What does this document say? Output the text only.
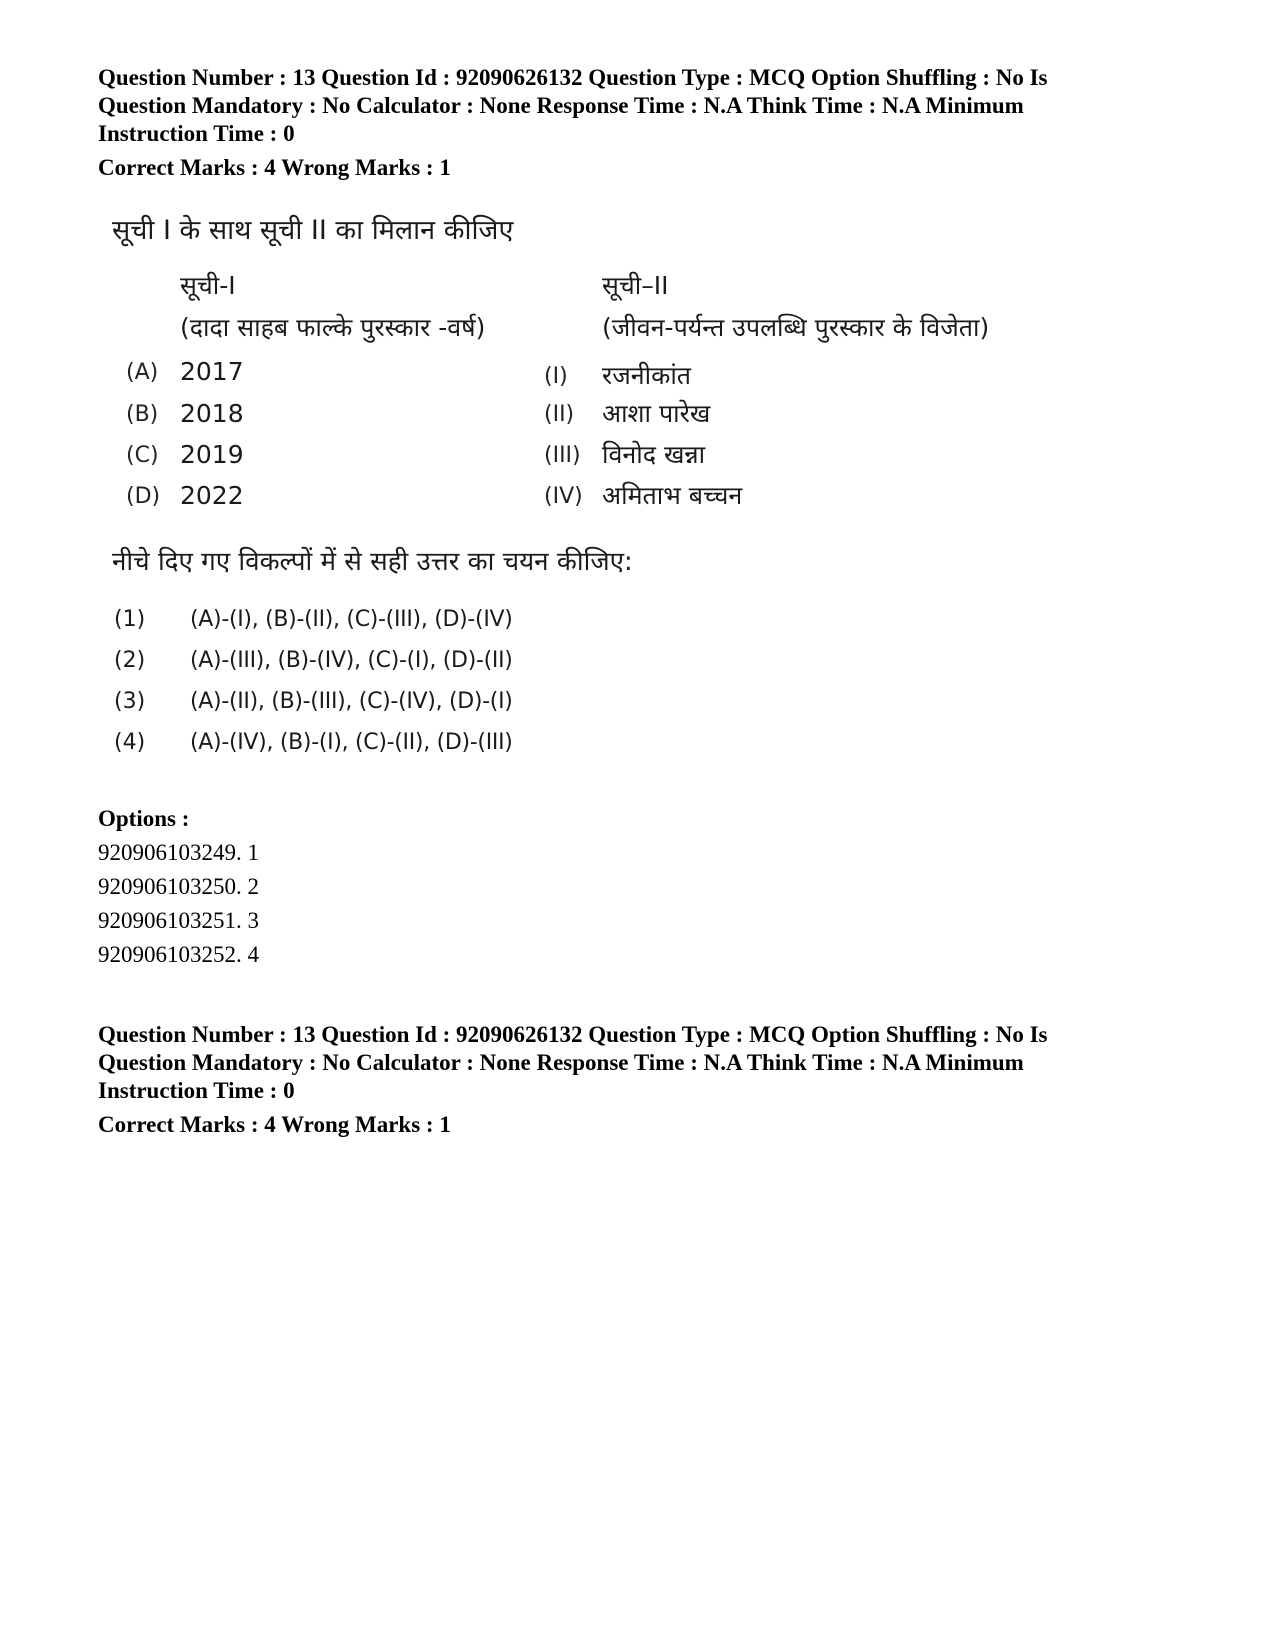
Question Number : 13 Question Id : 92090626132 Question Type : MCQ Option Shuffling : No Is
Question Mandatory : No Calculator : None Response Time : N.A Think Time : N.A Minimum
Instruction Time : 0
Correct Marks : 4 Wrong Marks : 1
सूची I के साथ सूची II का मिलान कीजिए
सूची-I
(दादा साहब फाल्के पुरस्कार -वर्ष)
सूची–II
(जीवन-पर्यन्त उपलब्धि पुरस्कार के विजेता)
(A) 2017
(B) 2018
(C) 2019
(D) 2022
(I) रजनीकांत
(II) आशा पारेख
(III) विनोद खन्ना
(IV) अमिताभ बच्चन
नीचे दिए गए विकल्पों में से सही उत्तर का चयन कीजिए:
(1) (A)-(I), (B)-(II), (C)-(III), (D)-(IV)
(2) (A)-(III), (B)-(IV), (C)-(I), (D)-(II)
(3) (A)-(II), (B)-(III), (C)-(IV), (D)-(I)
(4) (A)-(IV), (B)-(I), (C)-(II), (D)-(III)
Options :
920906103249. 1
920906103250. 2
920906103251. 3
920906103252. 4
Question Number : 13 Question Id : 92090626132 Question Type : MCQ Option Shuffling : No Is
Question Mandatory : No Calculator : None Response Time : N.A Think Time : N.A Minimum
Instruction Time : 0
Correct Marks : 4 Wrong Marks : 1
